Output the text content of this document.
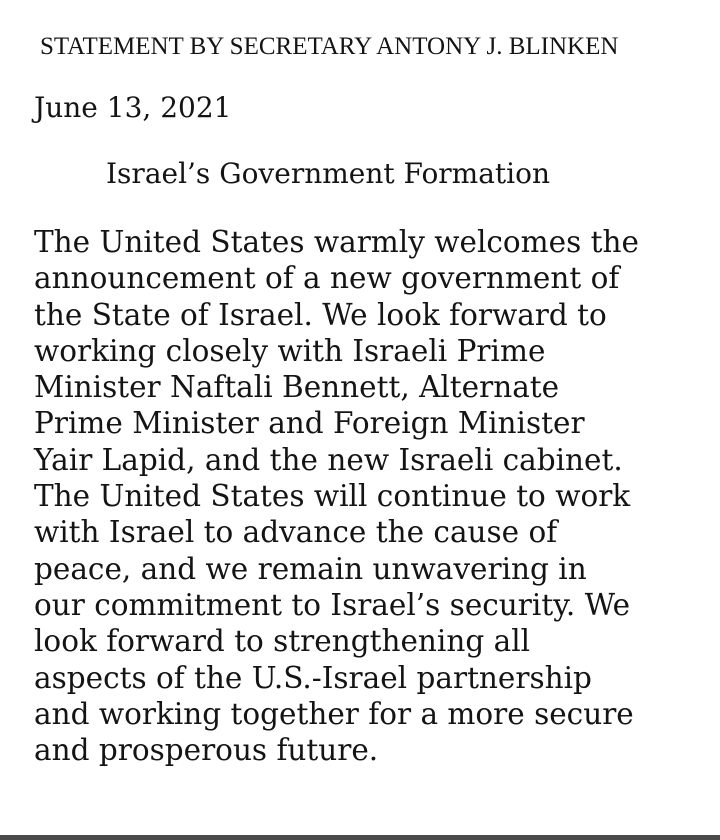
STATEMENT BY SECRETARY ANTONY J. BLINKEN
June 13, 2021
Israel’s Government Formation
The United States warmly welcomes the
announcement of a new government of
the State of Israel. We look forward to
working closely with Israeli Prime
Minister Naftali Bennett, Alternate
Prime Minister and Foreign Minister
Yair Lapid, and the new Israeli cabinet.
The United States will continue to work
with Israel to advance the cause of
peace, and we remain unwavering in
our commitment to Israel’s security. We
look forward to strengthening all
aspects of the U.S.-Israel partnership
and working together for a more secure
and prosperous future.
